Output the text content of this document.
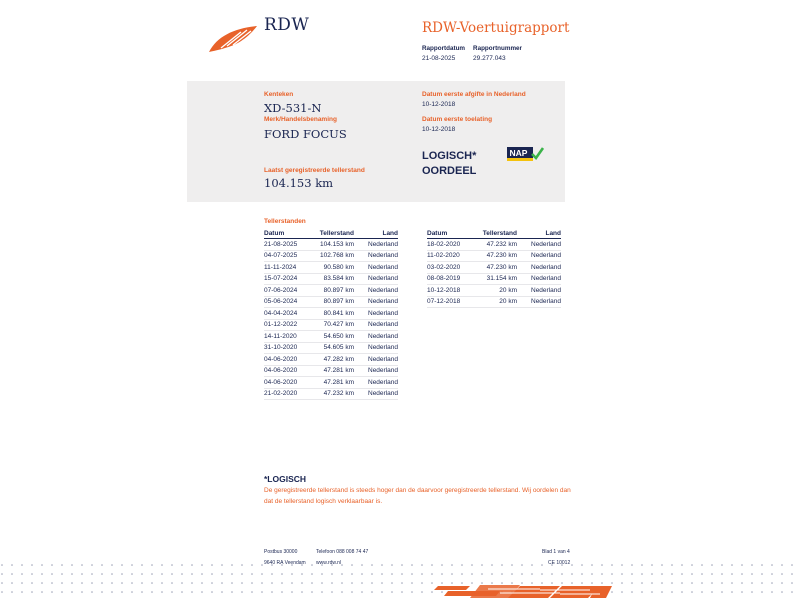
RDW	RDW-Voertuigrapport
Rapportdatum
21-08-2025
Rapportnummer
29.277.043
Kenteken
XD-531-N
Merk/Handelsbenaming
FORD FOCUS
Laatst geregistreerde tellerstand
104.153 km
Datum eerste afgifte in Nederland
10-12-2018
Datum eerste toelating
10-12-2018
LOGISCH*
OORDEEL
NAP
Tellerstanden
Datum	Tellerstand	Land
21-08-2025	104.153 km	Nederland
04-07-2025	102.768 km	Nederland
11-11-2024	90.580 km	Nederland
15-07-2024	83.584 km	Nederland
07-06-2024	80.897 km	Nederland
05-06-2024	80.897 km	Nederland
04-04-2024	80.841 km	Nederland
01-12-2022	70.427 km	Nederland
14-11-2020	54.650 km	Nederland
31-10-2020	54.605 km	Nederland
04-06-2020	47.282 km	Nederland
04-06-2020	47.281 km	Nederland
04-06-2020	47.281 km	Nederland
21-02-2020	47.232 km	Nederland
Datum	Tellerstand	Land
18-02-2020	47.232 km	Nederland
11-02-2020	47.230 km	Nederland
03-02-2020	47.230 km	Nederland
08-08-2019	31.154 km	Nederland
10-12-2018	20 km	Nederland
07-12-2018	20 km	Nederland
*LOGISCH
De geregistreerde tellerstand is steeds hoger dan de daarvoor geregistreerde tellerstand. Wij oordelen dan dat de tellerstand logisch verklaarbaar is.
Postbus 30000	Telefoon 088 008 74 47	Blad 1 van 4
